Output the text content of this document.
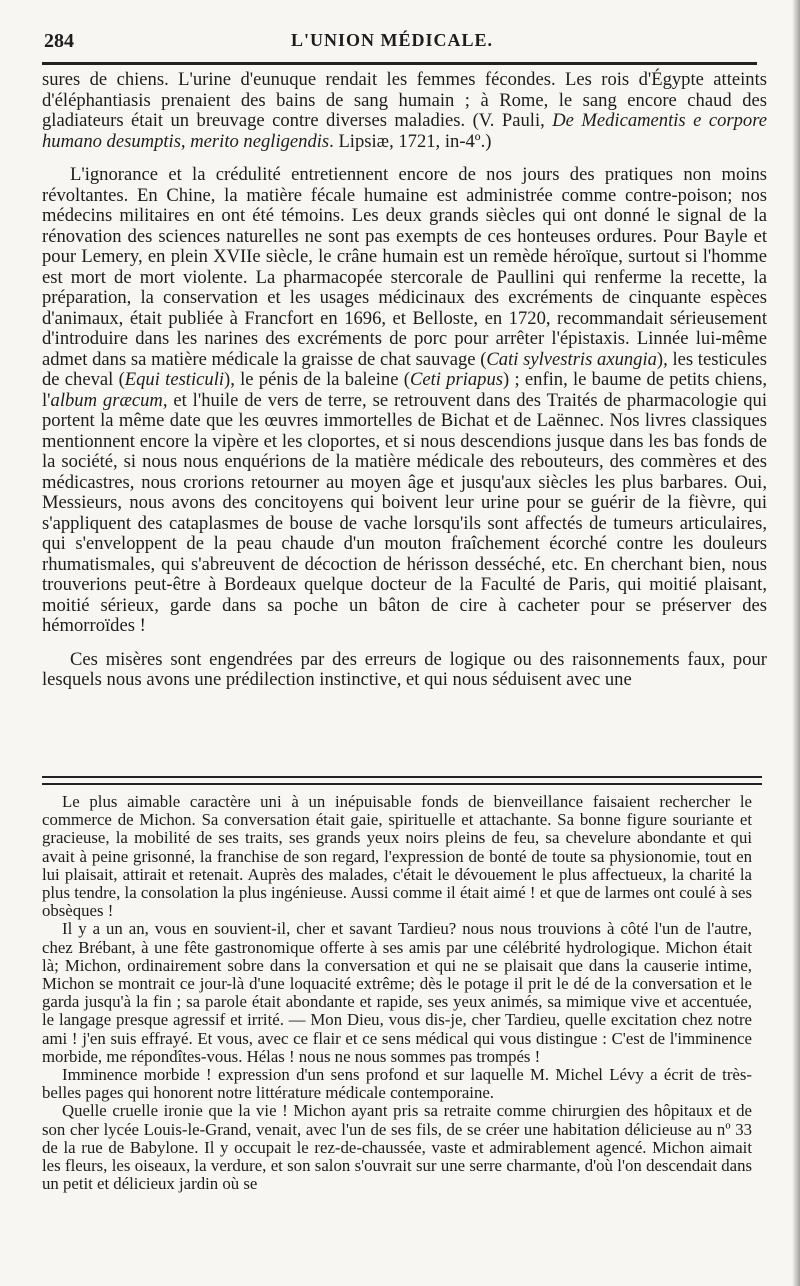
284	L'UNION MÉDICALE.

sures de chiens. L'urine d'eunuque rendait les femmes fécondes. Les rois d'Égypte atteints d'éléphantiasis prenaient des bains de sang humain ; à Rome, le sang encore chaud des gladiateurs était un breuvage contre diverses maladies. (V. Pauli, De Medicamentis e corpore humano desumptis, merito negligendis. Lipsiæ, 1721, in-4º.)

L'ignorance et la crédulité entretiennent encore de nos jours des pratiques non moins révoltantes. En Chine, la matière fécale humaine est administrée comme contre-poison; nos médecins militaires en ont été témoins. Les deux grands siècles qui ont donné le signal de la rénovation des sciences naturelles ne sont pas exempts de ces honteuses ordures. Pour Bayle et pour Lemery, en plein XVIIe siècle, le crâne humain est un remède héroïque, surtout si l'homme est mort de mort violente. La pharmacopée stercorale de Paullini qui renferme la recette, la préparation, la conservation et les usages médicinaux des excréments de cinquante espèces d'animaux, était publiée à Francfort en 1696, et Belloste, en 1720, recommandait sérieusement d'introduire dans les narines des excréments de porc pour arrêter l'épistaxis. Linnée lui-même admet dans sa matière médicale la graisse de chat sauvage (Cati sylvestris axungia), les testicules de cheval (Equi testiculi), le pénis de la baleine (Ceti priapus) ; enfin, le baume de petits chiens, l'album græcum, et l'huile de vers de terre, se retrouvent dans des Traités de pharmacologie qui portent la même date que les œuvres immortelles de Bichat et de Laënnec. Nos livres classiques mentionnent encore la vipère et les cloportes, et si nous descendions jusque dans les bas fonds de la société, si nous nous enquérions de la matière médicale des rebouteurs, des commères et des médicastres, nous crorions retourner au moyen âge et jusqu'aux siècles les plus barbares. Oui, Messieurs, nous avons des concitoyens qui boivent leur urine pour se guérir de la fièvre, qui s'appliquent des cataplasmes de bouse de vache lorsqu'ils sont affectés de tumeurs articulaires, qui s'enveloppent de la peau chaude d'un mouton fraîchement écorché contre les douleurs rhumatismales, qui s'abreuvent de décoction de hérisson desséché, etc. En cherchant bien, nous trouverions peut-être à Bordeaux quelque docteur de la Faculté de Paris, qui moitié plaisant, moitié sérieux, garde dans sa poche un bâton de cire à cacheter pour se préserver des hémorroïdes !

Ces misères sont engendrées par des erreurs de logique ou des raisonnements faux, pour lesquels nous avons une prédilection instinctive, et qui nous séduisent avec une

Le plus aimable caractère uni à un inépuisable fonds de bienveillance faisaient rechercher le commerce de Michon. Sa conversation était gaie, spirituelle et attachante. Sa bonne figure souriante et gracieuse, la mobilité de ses traits, ses grands yeux noirs pleins de feu, sa chevelure abondante et qui avait à peine grisonné, la franchise de son regard, l'expression de bonté de toute sa physionomie, tout en lui plaisait, attirait et retenait. Auprès des malades, c'était le dévouement le plus affectueux, la charité la plus tendre, la consolation la plus ingénieuse. Aussi comme il était aimé ! et que de larmes ont coulé à ses obsèques !

Il y a un an, vous en souvient-il, cher et savant Tardieu? nous nous trouvions à côté l'un de l'autre, chez Brébant, à une fête gastronomique offerte à ses amis par une célébrité hydrologique. Michon était là; Michon, ordinairement sobre dans la conversation et qui ne se plaisait que dans la causerie intime, Michon se montrait ce jour-là d'une loquacité extrême; dès le potage il prit le dé de la conversation et le garda jusqu'à la fin ; sa parole était abondante et rapide, ses yeux animés, sa mimique vive et accentuée, le langage presque agressif et irrité. — Mon Dieu, vous dis-je, cher Tardieu, quelle excitation chez notre ami ! j'en suis effrayé. Et vous, avec ce flair et ce sens médical qui vous distingue : C'est de l'imminence morbide, me répondîtes-vous. Hélas ! nous ne nous sommes pas trompés !

Imminence morbide ! expression d'un sens profond et sur laquelle M. Michel Lévy a écrit de très-belles pages qui honorent notre littérature médicale contemporaine.

Quelle cruelle ironie que la vie ! Michon ayant pris sa retraite comme chirurgien des hôpitaux et de son cher lycée Louis-le-Grand, venait, avec l'un de ses fils, de se créer une habitation délicieuse au nº 33 de la rue de Babylone. Il y occupait le rez-de-chaussée, vaste et admirablement agencé. Michon aimait les fleurs, les oiseaux, la verdure, et son salon s'ouvrait sur une serre charmante, d'où l'on descendait dans un petit et délicieux jardin où se
